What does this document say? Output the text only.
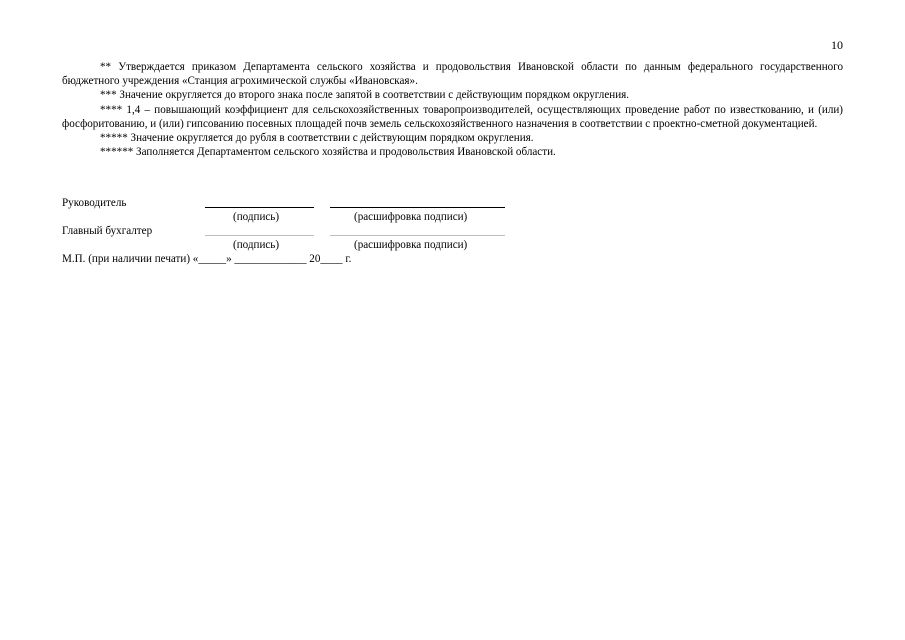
10

** Утверждается приказом Департамента сельского хозяйства и продовольствия Ивановской области по данным федерального государственного бюджетного учреждения «Станция агрохимической службы «Ивановская».

*** Значение округляется до второго знака после запятой в соответствии с действующим порядком округления.

**** 1,4 – повышающий коэффициент для сельскохозяйственных товаропроизводителей, осуществляющих проведение работ по известкованию, и (или) фосфоритованию, и (или) гипсованию посевных площадей почв земель сельскохозяйственного назначения в соответствии с проектно-сметной документацией.

***** Значение округляется до рубля в соответствии с действующим порядком округления.

****** Заполняется Департаментом сельского хозяйства и продовольствия Ивановской области.

Руководитель
(подпись)	(расшифровка подписи)
Главный бухгалтер
(подпись)	(расшифровка подписи)
М.П. (при наличии печати) «_____» _____________ 20____ г.
